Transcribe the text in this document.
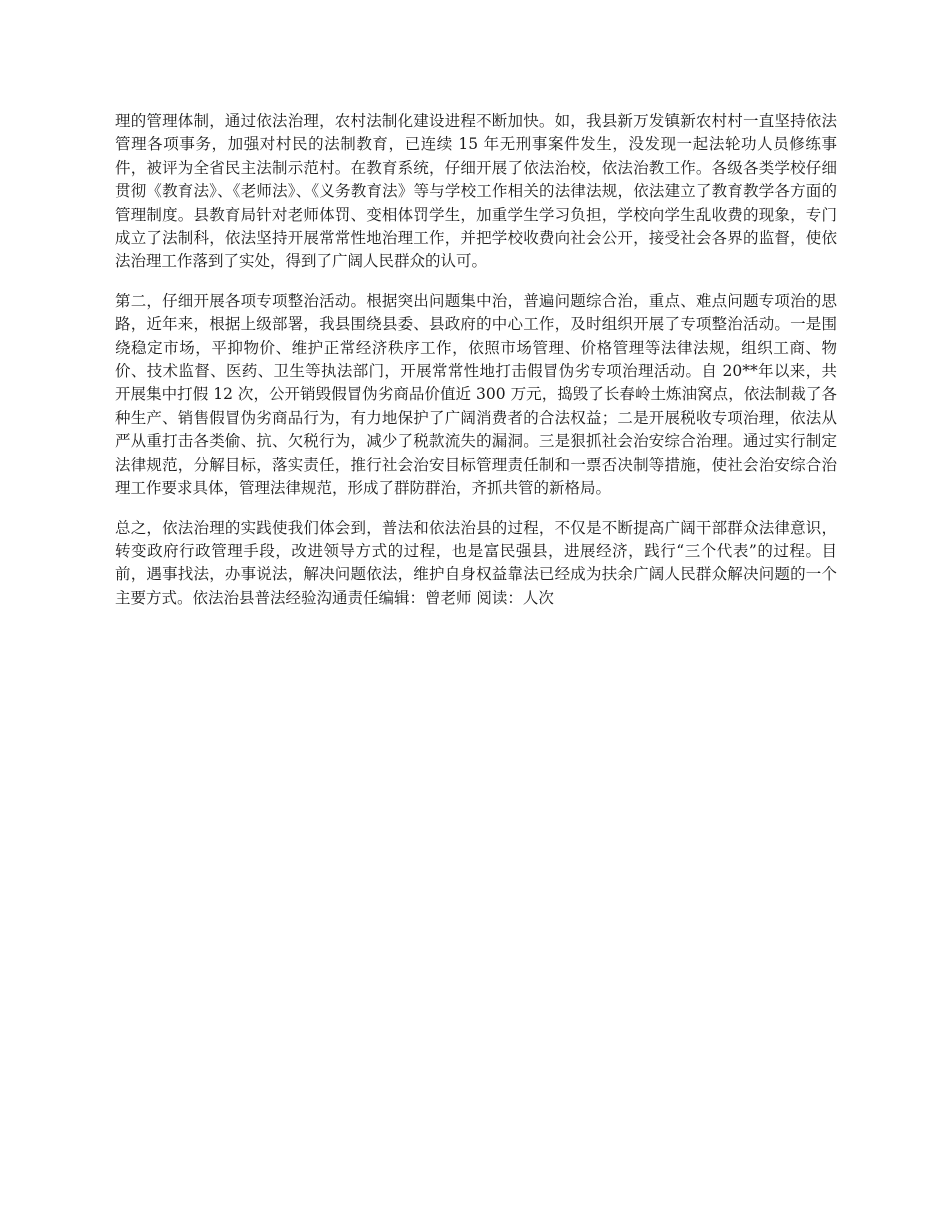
理的管理体制，通过依法治理，农村法制化建设进程不断加快。如，我县新万发镇新农村村一直坚持依法管理各项事务，加强对村民的法制教育，已连续 15 年无刑事案件发生，没发现一起法轮功人员修练事件，被评为全省民主法制示范村。在教育系统，仔细开展了依法治校，依法治教工作。各级各类学校仔细贯彻《教育法》、《老师法》、《义务教育法》等与学校工作相关的法律法规，依法建立了教育教学各方面的管理制度。县教育局针对老师体罚、变相体罚学生，加重学生学习负担，学校向学生乱收费的现象，专门成立了法制科，依法坚持开展常常性地治理工作，并把学校收费向社会公开，接受社会各界的监督，使依法治理工作落到了实处，得到了广阔人民群众的认可。

第二，仔细开展各项专项整治活动。根据突出问题集中治，普遍问题综合治，重点、难点问题专项治的思路，近年来，根据上级部署，我县围绕县委、县政府的中心工作，及时组织开展了专项整治活动。一是围绕稳定市场，平抑物价、维护正常经济秩序工作，依照市场管理、价格管理等法律法规，组织工商、物价、技术监督、医药、卫生等执法部门，开展常常性地打击假冒伪劣专项治理活动。自 20**年以来，共开展集中打假 12 次，公开销毁假冒伪劣商品价值近 300 万元，捣毁了长春岭土炼油窝点，依法制裁了各种生产、销售假冒伪劣商品行为，有力地保护了广阔消费者的合法权益；二是开展税收专项治理，依法从严从重打击各类偷、抗、欠税行为，减少了税款流失的漏洞。三是狠抓社会治安综合治理。通过实行制定法律规范，分解目标，落实责任，推行社会治安目标管理责任制和一票否决制等措施，使社会治安综合治理工作要求具体，管理法律规范，形成了群防群治，齐抓共管的新格局。

总之，依法治理的实践使我们体会到，普法和依法治县的过程，不仅是不断提高广阔干部群众法律意识，转变政府行政管理手段，改进领导方式的过程，也是富民强县，进展经济，践行“三个代表”的过程。目前，遇事找法，办事说法，解决问题依法，维护自身权益靠法已经成为扶余广阔人民群众解决问题的一个主要方式。依法治县普法经验沟通责任编辑：曾老师 阅读：人次
